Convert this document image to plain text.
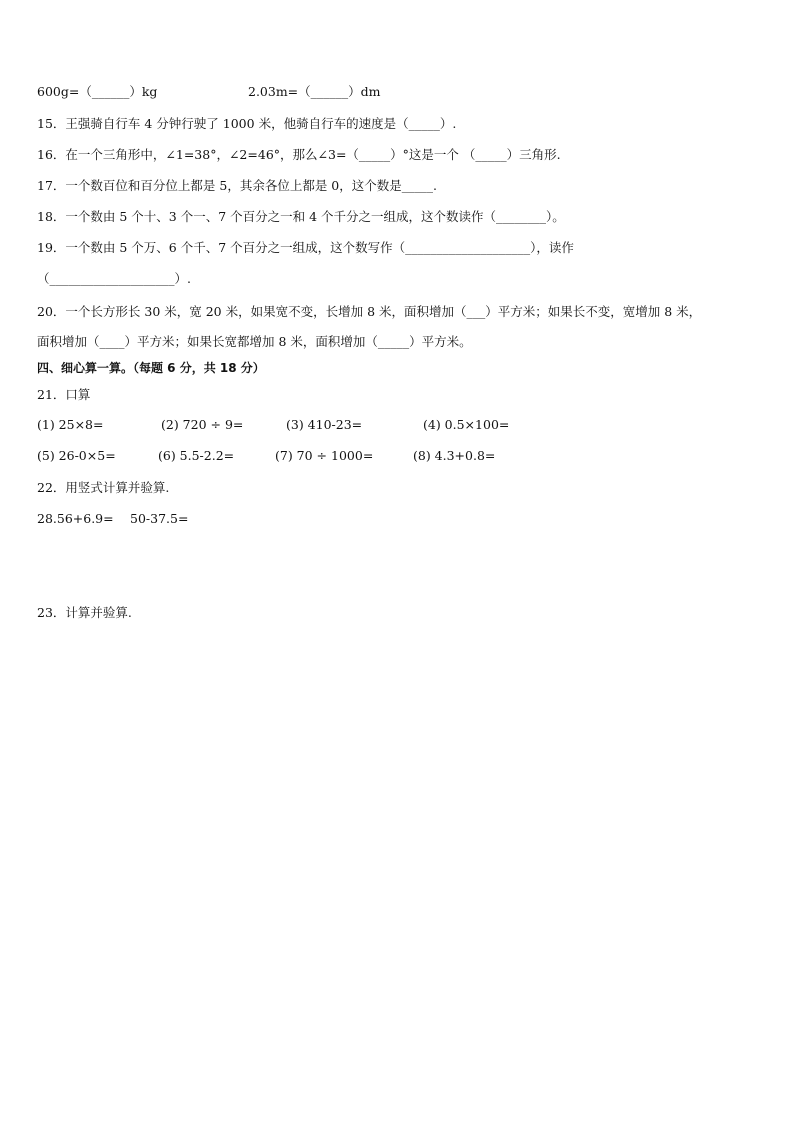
600g=（______）kg	2.03m=（______）dm
15．王强骑自行车 4 分钟行驶了 1000 米，他骑自行车的速度是（_____）.
16．在一个三角形中，∠1=38°，∠2=46°，那么∠3=（_____）°这是一个 （_____）三角形.
17．一个数百位和百分位上都是 5，其余各位上都是 0，这个数是_____.
18．一个数由 5 个十、3 个一、7 个百分之一和 4 个千分之一组成，这个数读作（________）。
19．一个数由 5 个万、6 个千、7 个百分之一组成，这个数写作（____________________），读作
（____________________）.
20．一个长方形长 30 米，宽 20 米，如果宽不变，长增加 8 米，面积增加（___）平方米；如果长不变，宽增加 8 米，
面积增加（____）平方米；如果长宽都增加 8 米，面积增加（_____）平方米。
四、细心算一算。（每题 6 分，共 18 分）
21．口算
(1) 25×8=	(2) 720 ÷ 9=	(3) 410-23=	(4) 0.5×100=
(5) 26-0×5=	(6) 5.5-2.2=	(7) 70 ÷ 1000=	(8) 4.3+0.8=
22．用竖式计算并验算.
28.56+6.9= 50-37.5=
23．计算并验算.
